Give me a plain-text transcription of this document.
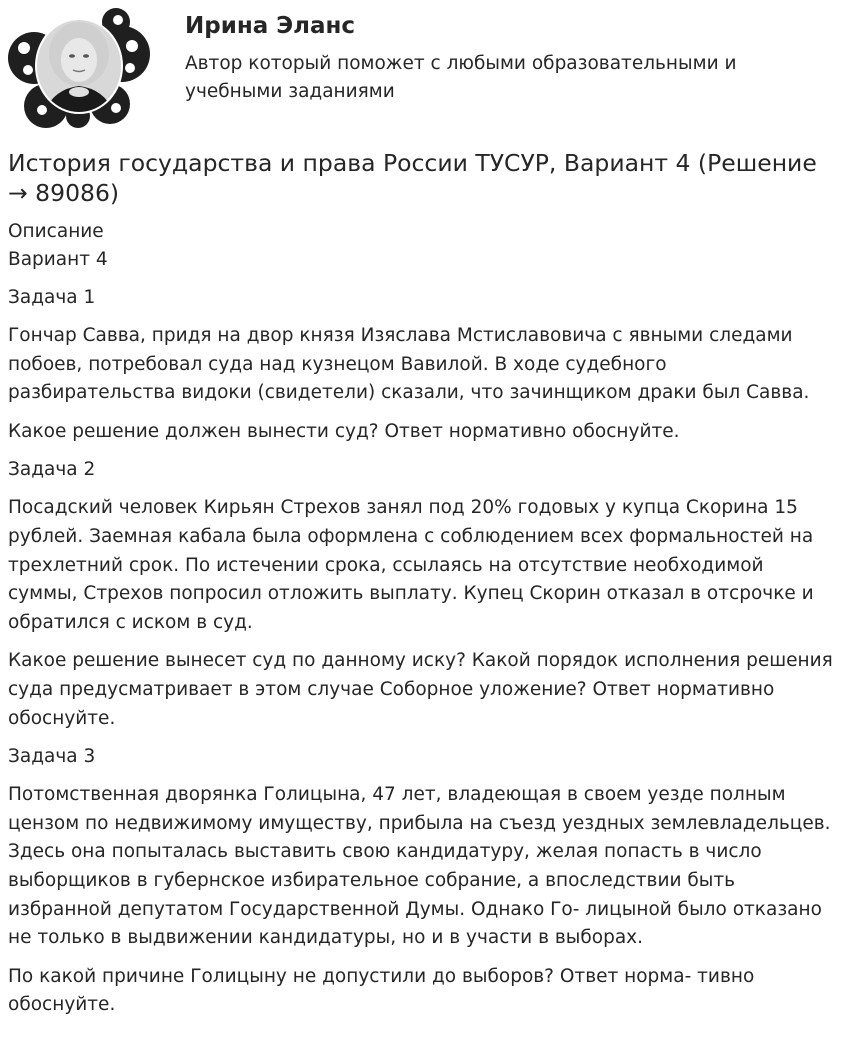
Ирина Эланс

Автор который поможет с любыми образовательными и учебными заданиями

История государства и права России ТУСУР, Вариант 4 (Решение → 89086)

Описание

Вариант 4

Задача 1

Гончар Савва, придя на двор князя Изяслава Мстиславовича с явными следами побоев, потребовал суда над кузнецом Вавилой. В ходе судебного разбирательства видоки (свидетели) сказали, что зачинщиком драки был Савва.

Какое решение должен вынести суд? Ответ нормативно обоснуйте.

Задача 2

Посадский человек Кирьян Стрехов занял под 20% годовых у купца Скорина 15 рублей. Заемная кабала была оформлена с соблюдением всех формальностей на трехлетний срок. По истечении срока, ссылаясь на отсутствие необходимой суммы, Стрехов попросил отложить выплату. Купец Скорин отказал в отсрочке и обратился с иском в суд.

Какое решение вынесет суд по данному иску? Какой порядок исполнения решения суда предусматривает в этом случае Соборное уложение? Ответ нормативно обоснуйте.

Задача 3

Потомственная дворянка Голицына, 47 лет, владеющая в своем уезде полным цензом по недвижимому имуществу, прибыла на съезд уездных землевладельцев. Здесь она попыталась выставить свою кандидатуру, желая попасть в число выборщиков в губернское избирательное собрание, а впоследствии быть избранной депутатом Государственной Думы. Однако Го- лицыной было отказано не только в выдвижении кандидатуры, но и в участи в выборах.

По какой причине Голицыну не допустили до выборов? Ответ норма- тивно обоснуйте.
